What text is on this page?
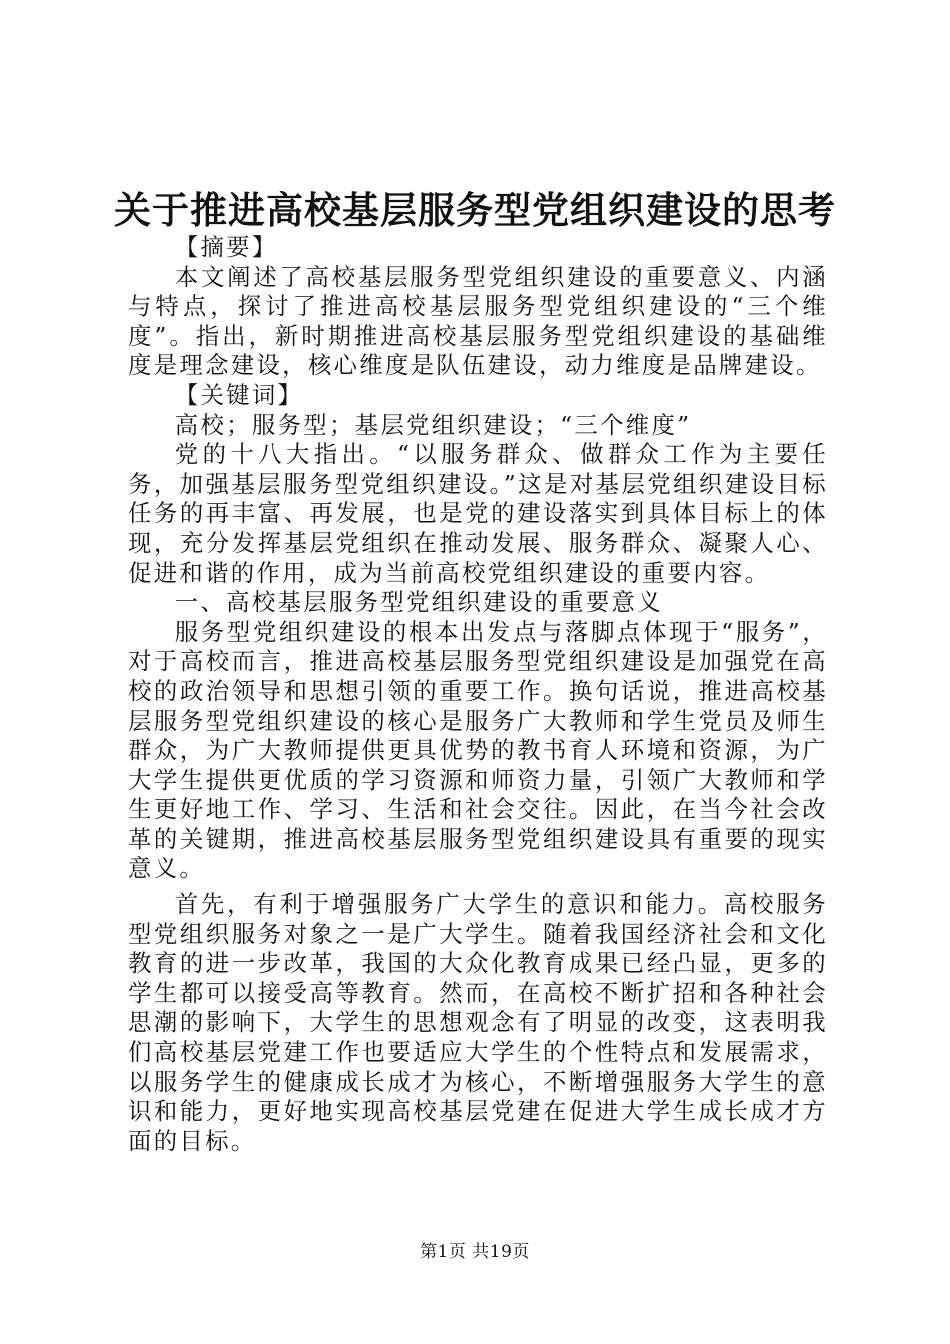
关于推进高校基层服务型党组织建设的思考

【摘要】

本文阐述了高校基层服务型党组织建设的重要意义、内涵与特点，探讨了推进高校基层服务型党组织建设的“三个维度”。指出，新时期推进高校基层服务型党组织建设的基础维度是理念建设，核心维度是队伍建设，动力维度是品牌建设。

【关键词】

高校；服务型；基层党组织建设；“三个维度”

党的十八大指出。“以服务群众、做群众工作为主要任务，加强基层服务型党组织建设。”这是对基层党组织建设目标任务的再丰富、再发展，也是党的建设落实到具体目标上的体现，充分发挥基层党组织在推动发展、服务群众、凝聚人心、促进和谐的作用，成为当前高校党组织建设的重要内容。

一、高校基层服务型党组织建设的重要意义

服务型党组织建设的根本出发点与落脚点体现于“服务”，对于高校而言，推进高校基层服务型党组织建设是加强党在高校的政治领导和思想引领的重要工作。换句话说，推进高校基层服务型党组织建设的核心是服务广大教师和学生党员及师生群众，为广大教师提供更具优势的教书育人环境和资源，为广大学生提供更优质的学习资源和师资力量，引领广大教师和学生更好地工作、学习、生活和社会交往。因此，在当今社会改革的关键期，推进高校基层服务型党组织建设具有重要的现实意义。

首先，有利于增强服务广大学生的意识和能力。高校服务型党组织服务对象之一是广大学生。随着我国经济社会和文化教育的进一步改革，我国的大众化教育成果已经凸显，更多的学生都可以接受高等教育。然而，在高校不断扩招和各种社会思潮的影响下，大学生的思想观念有了明显的改变，这表明我们高校基层党建工作也要适应大学生的个性特点和发展需求，以服务学生的健康成长成才为核心，不断增强服务大学生的意识和能力，更好地实现高校基层党建在促进大学生成长成才方面的目标。

第1页 共19页
